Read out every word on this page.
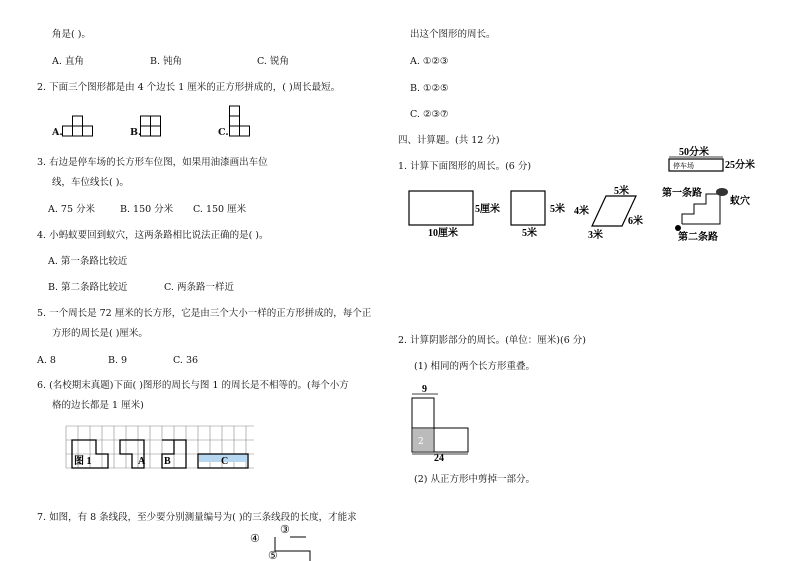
角是( )。
A. 直角	B. 钝角	C. 锐角
2. 下面三个图形都是由 4 个边长 1 厘米的正方形拼成的，( )周长最短。
A.	B.	C.
3. 右边是停车场的长方形车位图，如果用油漆画出车位
线，车位线长( )。
A. 75 分米	B. 150 分米 C. 150 厘米
4. 小蚂蚁要回到蚁穴，这两条路相比说法正确的是( )。
A. 第一条路比较近
B. 第二条路比较近	C. 两条路一样近
5. 一个周长是 72 厘米的长方形，它是由三个大小一样的正方形拼成的，每个正
方形的周长是( )厘米。
A. 8	B. 9	C. 36
6. (名校期末真题)下面( )图形的周长与图 1 的周长是不相等的。(每个小方
格的边长都是 1 厘米)
图 1	A B	C
7. 如图，有 8 条线段，至少要分别测量编号为( )的三条线段的长度，才能求
④
③
⑤
出这个图形的周长。
A. ①②③
B. ①②⑤
C. ②③⑦
四、计算题。(共 12 分)
1. 计算下面图形的周长。(6 分)
50分米
停车场	25分米
5厘米
10厘米
5米
5米
5米
4米
6米
3米
第一条路
蚁穴
第二条路
2. 计算阴影部分的周长。(单位：厘米)(6 分)
(1) 相同的两个长方形重叠。
9
2
24
(2) 从正方形中剪掉一部分。
